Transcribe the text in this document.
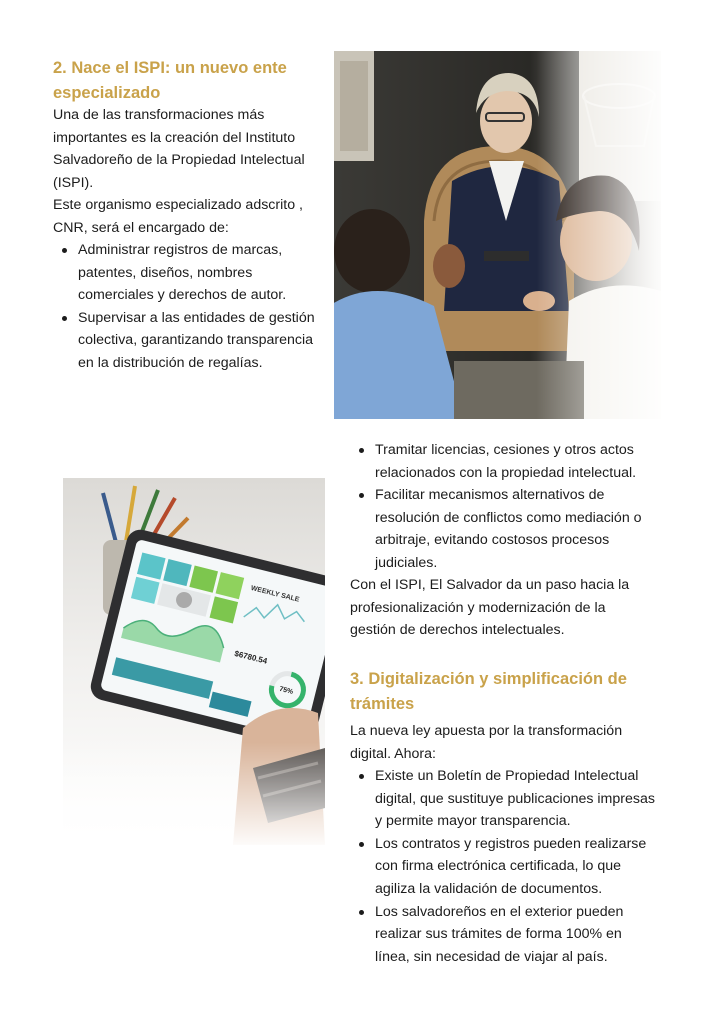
2. Nace el ISPI: un nuevo ente especializado

Una de las transformaciones más importantes es la creación del Instituto Salvadoreño de la Propiedad Intelectual (ISPI).

Este organismo especializado adscrito , CNR, será el encargado de:

Administrar registros de marcas, patentes, diseños, nombres comerciales y derechos de autor.
Supervisar a las entidades de gestión colectiva, garantizando transparencia en la distribución de regalías.
Tramitar licencias, cesiones y otros actos relacionados con la propiedad intelectual.
Facilitar mecanismos alternativos de resolución de conflictos como mediación o arbitraje, evitando costosos procesos judiciales.

Con el ISPI, El Salvador da un paso hacia la profesionalización y modernización de la gestión de derechos intelectuales.

3. Digitalización y simplificación de trámites

La nueva ley apuesta por la transformación digital. Ahora:

Existe un Boletín de Propiedad Intelectual digital, que sustituye publicaciones impresas y permite mayor transparencia.
Los contratos y registros pueden realizarse con firma electrónica certificada, lo que agiliza la validación de documentos.
Los salvadoreños en el exterior pueden realizar sus trámites de forma 100% en línea, sin necesidad de viajar al país.
